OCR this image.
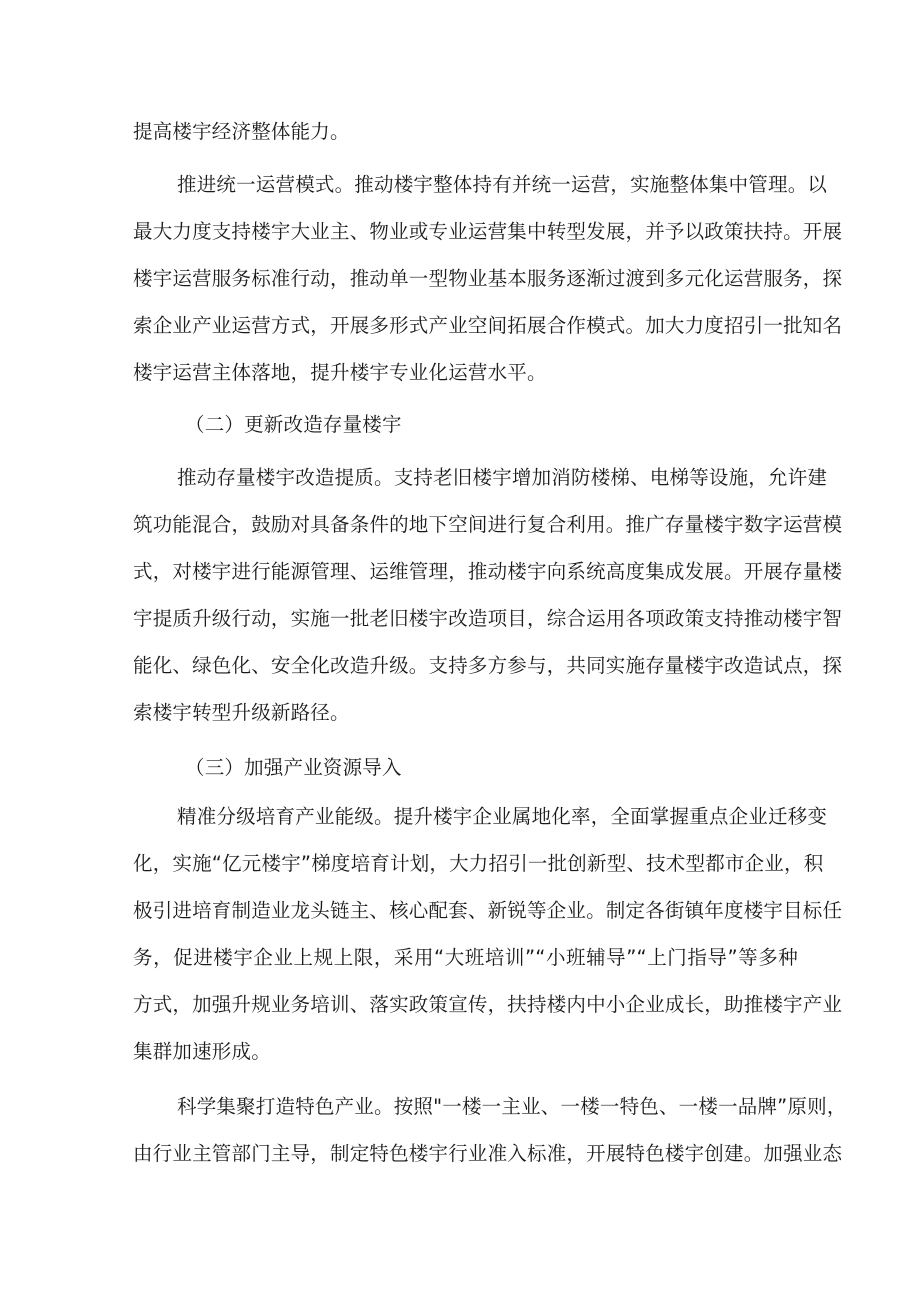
提高楼宇经济整体能力。
推进统一运营模式。推动楼宇整体持有并统一运营，实施整体集中管理。以
最大力度支持楼宇大业主、物业或专业运营集中转型发展，并予以政策扶持。开展
楼宇运营服务标准行动，推动单一型物业基本服务逐渐过渡到多元化运营服务，探
索企业产业运营方式，开展多形式产业空间拓展合作模式。加大力度招引一批知名
楼宇运营主体落地，提升楼宇专业化运营水平。
（二）更新改造存量楼宇
推动存量楼宇改造提质。支持老旧楼宇增加消防楼梯、电梯等设施，允许建
筑功能混合，鼓励对具备条件的地下空间进行复合利用。推广存量楼宇数字运营模
式，对楼宇进行能源管理、运维管理，推动楼宇向系统高度集成发展。开展存量楼
宇提质升级行动，实施一批老旧楼宇改造项目，综合运用各项政策支持推动楼宇智
能化、绿色化、安全化改造升级。支持多方参与，共同实施存量楼宇改造试点，探
索楼宇转型升级新路径。
（三）加强产业资源导入
精准分级培育产业能级。提升楼宇企业属地化率，全面掌握重点企业迁移变
化，实施“亿元楼宇”梯度培育计划，大力招引一批创新型、技术型都市企业，积
极引进培育制造业龙头链主、核心配套、新锐等企业。制定各街镇年度楼宇目标任
务，促进楼宇企业上规上限，采用“大班培训”“小班辅导”“上门指导”等多种
方式，加强升规业务培训、落实政策宣传，扶持楼内中小企业成长，助推楼宇产业
集群加速形成。
科学集聚打造特色产业。按照"一楼一主业、一楼一特色、一楼一品牌”原则，
由行业主管部门主导，制定特色楼宇行业准入标准，开展特色楼宇创建。加强业态
